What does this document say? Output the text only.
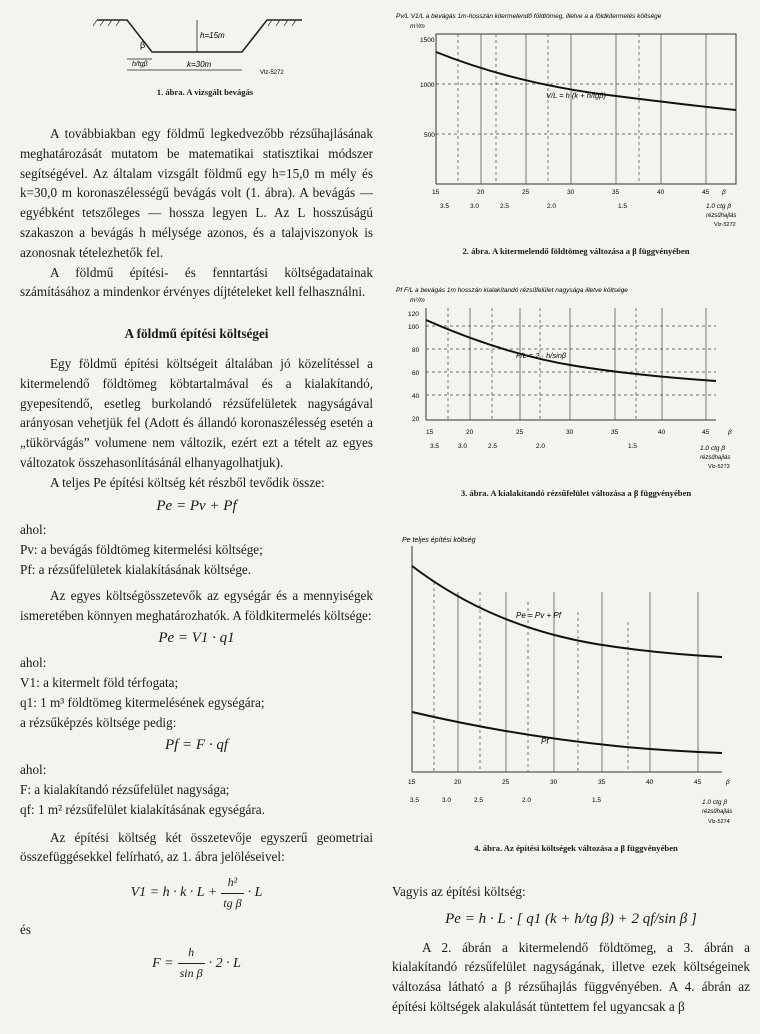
h=15m
k=30m
β
h/tgβ
Vlz-5272

1. ábra. A vizsgált bevágás

A továbbiakban egy földmű legkedvezőbb rézsűhajlásának meghatározását mutatom be matematikai statisztikai módszer segítségével. Az általam vizsgált földmű egy h=15,0 m mély és k=30,0 m koronaszélességű bevágás volt (1. ábra). A bevágás — egyébként tetszőleges — hossza legyen L. Az L hosszúságú szakaszon a bevágás h mélysége azonos, és a talajviszonyok is azonosnak tételezhetők fel.

A földmű építési- és fenntartási költségadatainak számításához a mindenkor érvényes díjtételeket kell felhasználni.

A földmű építési költségei

Egy földmű építési költségeit általában jó közelítéssel a kitermelendő földtömeg köbtartalmával és a kialakítandó, gyepesítendő, esetleg burkolandó rézsűfelületek nagyságával arányosan vehetjük fel (Adott és állandó koronaszélesség esetén a „tükörvágás” volumene nem változik, ezért ezt a tételt az egyes változatok összehasonlításánál elhanyagolhatjuk).

A teljes Pe építési költség két részből tevődik össze:

Pe = Pv + Pf

ahol:

Pv: a bevágás földtömeg kitermelési költsége;

Pf: a rézsűfelületek kialakításának költsége.

Az egyes költségösszetevők az egységár és a mennyiségek ismeretében könnyen meghatározhatók. A földkitermelés költsége:

Pe = V1 · q1

ahol:

V1: a kitermelt föld térfogata;

q1: 1 m³ földtömeg kitermelésének egységára;

a rézsűképzés költsége pedig:

Pf = F · qf

ahol:

F: a kialakítandó rézsűfelület nagysága;

qf: 1 m² rézsűfelület kialakításának egységára.

Az építési költség két összetevője egyszerű geometriai összefüggésekkel felírható, az 1. ábra jelöléseivel:

$V1 = h \cdot k \cdot L + \frac{\text{h²}}{\text{tg β}} \cdot L$

és

$F = \frac{h}{\text{sin β}} \cdot 2 \cdot L$
Pv/L V1/L a bevágás 1m-hosszán kitermelendő földtömeg, illetve a a földkitermelés költsége
m³/m
V/L = h (k + h/tgβ)
1500
1000
500
15	20	25	30	35	40	45 β
3.5	3.0	2.5	2.0	1.5	1.0 ctg β
rézsűhajlás
Vlz-5272

2. ábra. A kitermelendő földtömeg változása a β függvényében

Pf F/L a bevágás 1m hosszán kialakítandó rézsűfelület nagysága illetve költsége
m²/m
F/L = 2 · h/sinβ
120
100
80
60
40
20
15	20	25	30	35	40	45	β
3.5	3.0	2.5	2.0	1.5	1.0 ctg β
rézsűhajlás
Vlz-5273

3. ábra. A kialakítandó rézsűfelület változása a β függvényében

Pe teljes építési költség
Pe = Pv + Pf
Pf
15	20	25	30	35	40	45	β
3.5	3.0	2.5	2.0	1.5	1.0 ctg β
rézsűhajlás
Vlz-5274

4. ábra. Az építési költségek változása a β függvényében

Vagyis az építési költség:

Pe = h · L · [ q1 (k + h/tg β) + 2 qf/sin β ]

A 2. ábrán a kitermelendő földtömeg, a 3. ábrán a kialakítandó rézsűfelület nagyságának, illetve ezek költségeinek változása látható a β rézsűhajlás függvényében. A 4. ábrán az építési költségek alakulását tüntettem fel ugyancsak a β
